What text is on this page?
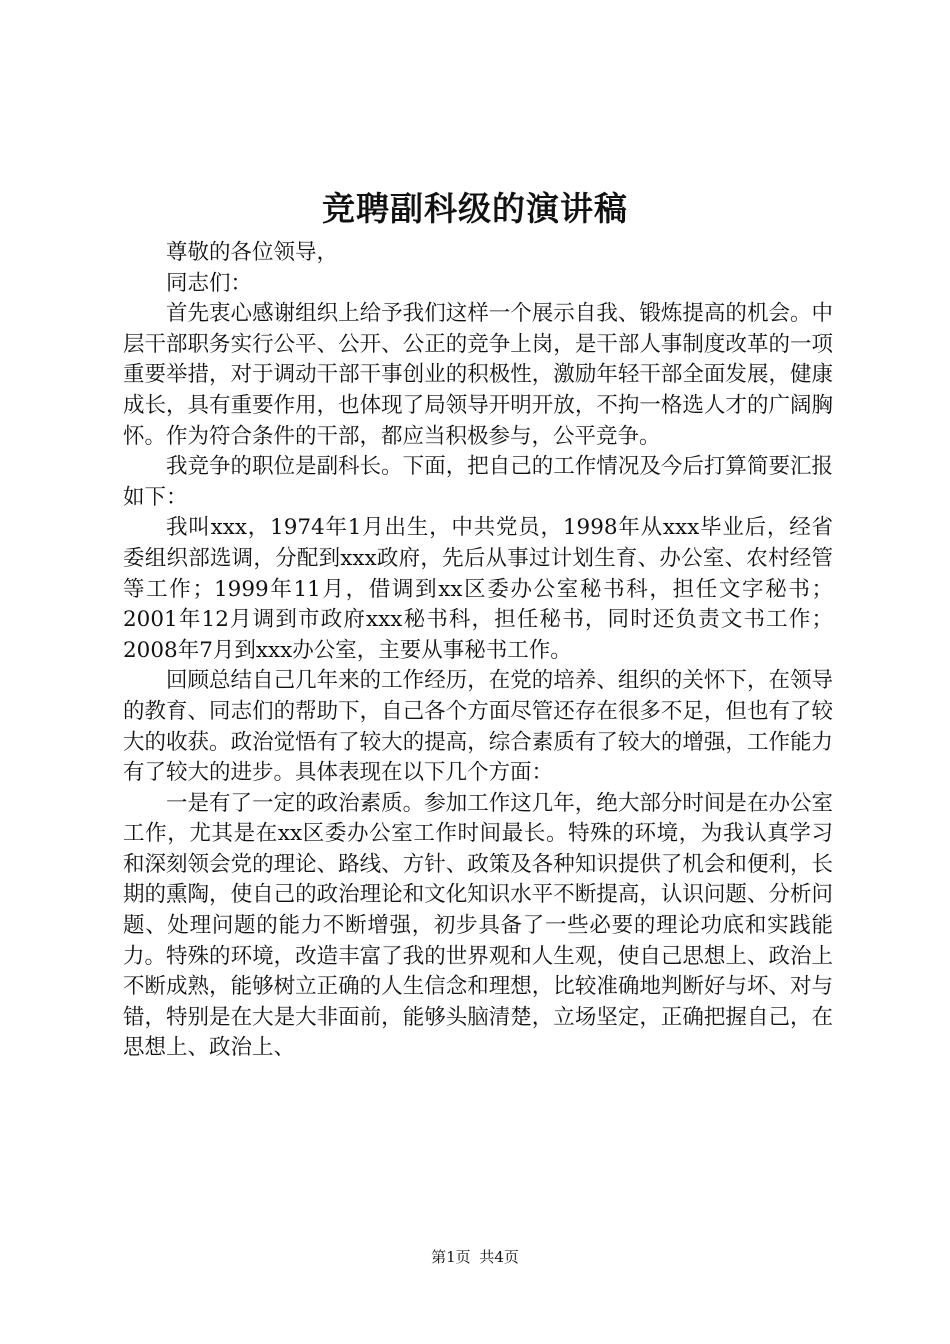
竞聘副科级的演讲稿

尊敬的各位领导，

同志们：

首先衷心感谢组织上给予我们这样一个展示自我、锻炼提高的机会。中层干部职务实行公平、公开、公正的竞争上岗，是干部人事制度改革的一项重要举措，对于调动干部干事创业的积极性，激励年轻干部全面发展，健康成长，具有重要作用，也体现了局领导开明开放，不拘一格选人才的广阔胸怀。作为符合条件的干部，都应当积极参与，公平竞争。

我竞争的职位是副科长。下面，把自己的工作情况及今后打算简要汇报如下：

我叫xxx，1974年1月出生，中共党员，1998年从xxx毕业后，经省委组织部选调，分配到xxx政府，先后从事过计划生育、办公室、农村经管等工作；1999年11月，借调到xx区委办公室秘书科，担任文字秘书；2001年12月调到市政府xxx秘书科，担任秘书，同时还负责文书工作；2008年7月到xxx办公室，主要从事秘书工作。

回顾总结自己几年来的工作经历，在党的培养、组织的关怀下，在领导的教育、同志们的帮助下，自己各个方面尽管还存在很多不足，但也有了较大的收获。政治觉悟有了较大的提高，综合素质有了较大的增强，工作能力有了较大的进步。具体表现在以下几个方面：

一是有了一定的政治素质。参加工作这几年，绝大部分时间是在办公室工作，尤其是在xx区委办公室工作时间最长。特殊的环境，为我认真学习和深刻领会党的理论、路线、方针、政策及各种知识提供了机会和便利，长期的熏陶，使自己的政治理论和文化知识水平不断提高，认识问题、分析问题、处理问题的能力不断增强，初步具备了一些必要的理论功底和实践能力。特殊的环境，改造丰富了我的世界观和人生观，使自己思想上、政治上不断成熟，能够树立正确的人生信念和理想，比较准确地判断好与坏、对与错，特别是在大是大非面前，能够头脑清楚，立场坚定，正确把握自己，在思想上、政治上、

第1页 共4页
